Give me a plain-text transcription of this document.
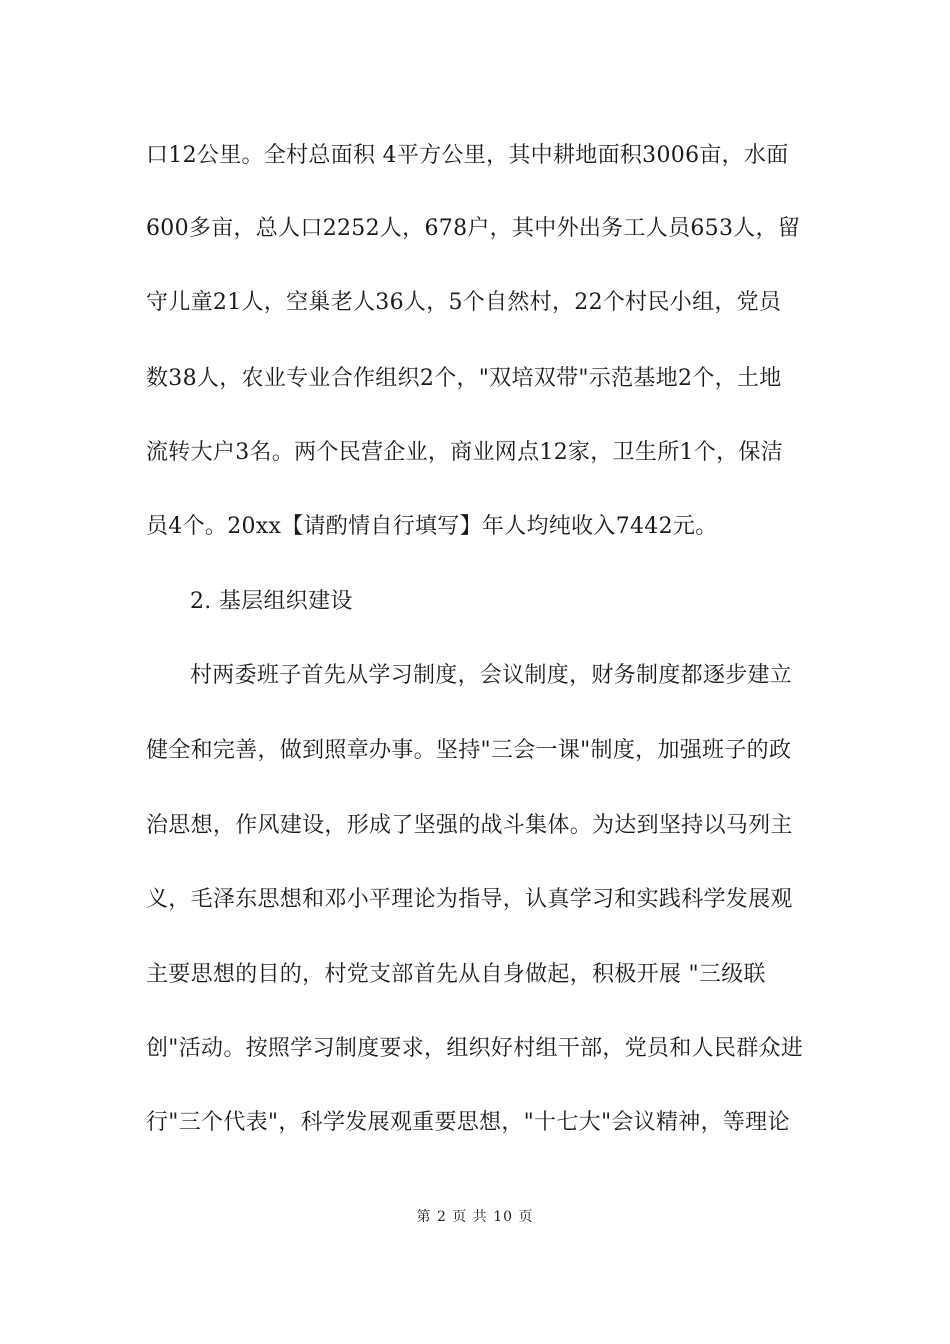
口12公里。全村总面积 4平方公里，其中耕地面积3006亩，水面
600多亩，总人口2252人，678户，其中外出务工人员653人，留
守儿童21人，空巢老人36人，5个自然村，22个村民小组，党员
数38人，农业专业合作组织2个，"双培双带"示范基地2个，土地
流转大户3名。两个民营企业，商业网点12家，卫生所1个，保洁
员4个。20xx【请酌情自行填写】年人均纯收入7442元。
2. 基层组织建设
村两委班子首先从学习制度，会议制度，财务制度都逐步建立
健全和完善，做到照章办事。坚持"三会一课"制度，加强班子的政
治思想，作风建设，形成了坚强的战斗集体。为达到坚持以马列主
义，毛泽东思想和邓小平理论为指导，认真学习和实践科学发展观
主要思想的目的，村党支部首先从自身做起，积极开展 "三级联
创"活动。按照学习制度要求，组织好村组干部，党员和人民群众进
行"三个代表"，科学发展观重要思想，"十七大"会议精神，等理论
第 2 页 共 10 页
